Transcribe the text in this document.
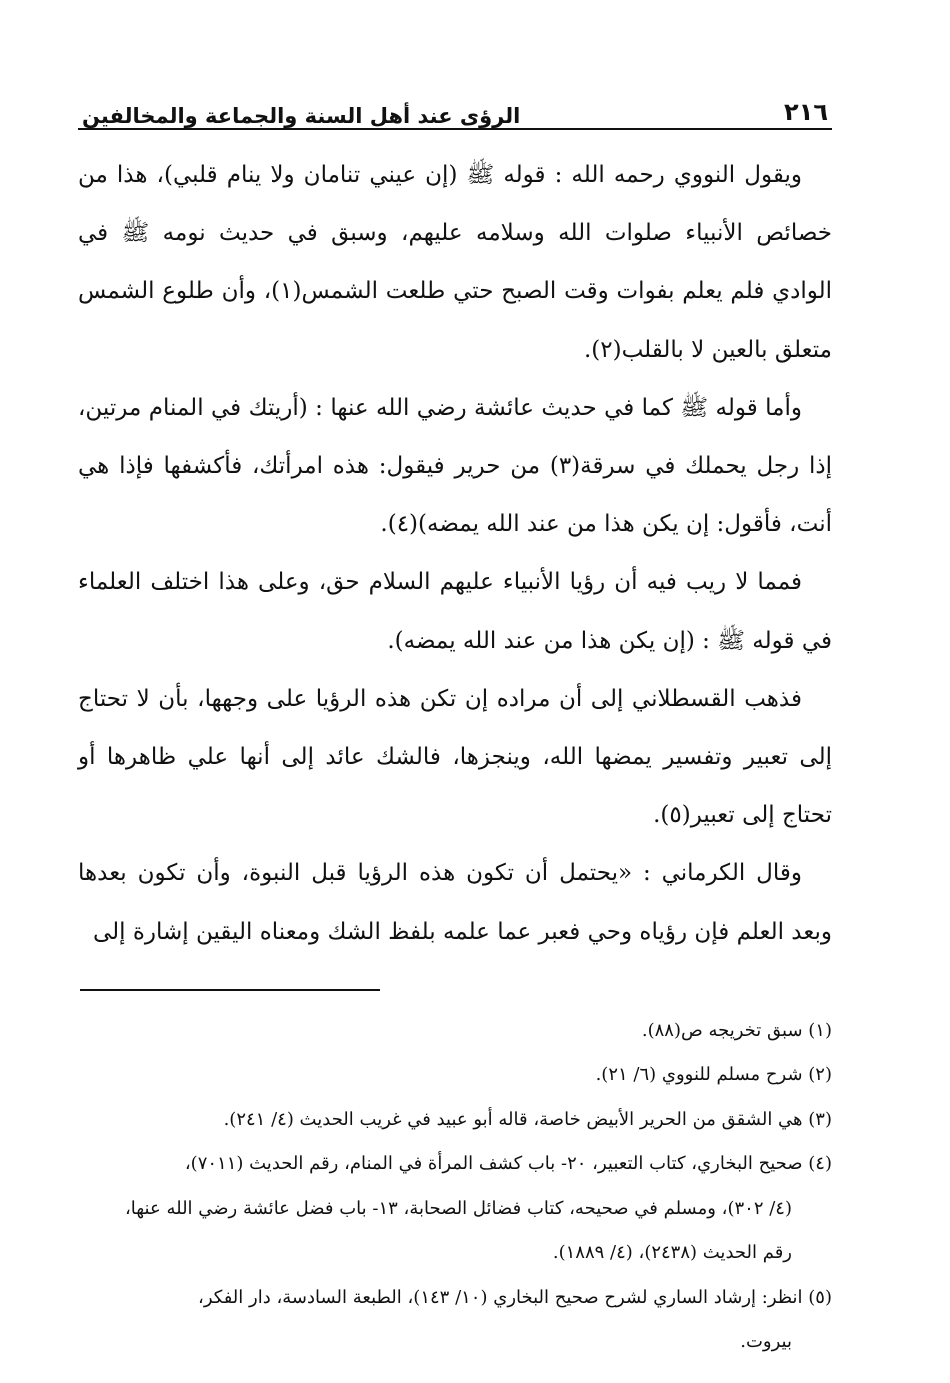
٢١٦
الرؤى عند أهل السنة والجماعة والمخالفين

ويقول النووي رحمه الله : قوله ﷺ (إن عيني تنامان ولا ينام قلبي)، هذا من خصائص الأنبياء صلوات الله وسلامه عليهم، وسبق في حديث نومه ﷺ في الوادي فلم يعلم بفوات وقت الصبح حتي طلعت الشمس(١)، وأن طلوع الشمس متعلق بالعين لا بالقلب(٢).

وأما قوله ﷺ كما في حديث عائشة رضي الله عنها : (أريتك في المنام مرتين، إذا رجل يحملك في سرقة(٣) من حرير فيقول: هذه امرأتك، فأكشفها فإذا هي أنت، فأقول: إن يكن هذا من عند الله يمضه)(٤).

فمما لا ريب فيه أن رؤيا الأنبياء عليهم السلام حق، وعلى هذا اختلف العلماء في قوله ﷺ : (إن يكن هذا من عند الله يمضه).

فذهب القسطلاني إلى أن مراده إن تكن هذه الرؤيا على وجهها، بأن لا تحتاج إلى تعبير وتفسير يمضها الله، وينجزها، فالشك عائد إلى أنها علي ظاهرها أو تحتاج إلى تعبير(٥).

وقال الكرماني : «يحتمل أن تكون هذه الرؤيا قبل النبوة، وأن تكون بعدها وبعد العلم فإن رؤياه وحي فعبر عما علمه بلفظ الشك ومعناه اليقين إشارة إلى

(١) سبق تخريجه ص(٨٨).

(٢) شرح مسلم للنووي (٦/ ٢١).

(٣) هي الشقق من الحرير الأبيض خاصة، قاله أبو عبيد في غريب الحديث (٤/ ٢٤١).

(٤) صحيح البخاري، كتاب التعبير، ٢٠- باب كشف المرأة في المنام، رقم الحديث (٧٠١١)،

(٤/ ٣٠٢)، ومسلم في صحيحه، كتاب فضائل الصحابة، ١٣- باب فضل عائشة رضي الله عنها،

رقم الحديث (٢٤٣٨)، (٤/ ١٨٨٩).

(٥) انظر: إرشاد الساري لشرح صحيح البخاري (١٠/ ١٤٣)، الطبعة السادسة، دار الفكر،

بيروت.
